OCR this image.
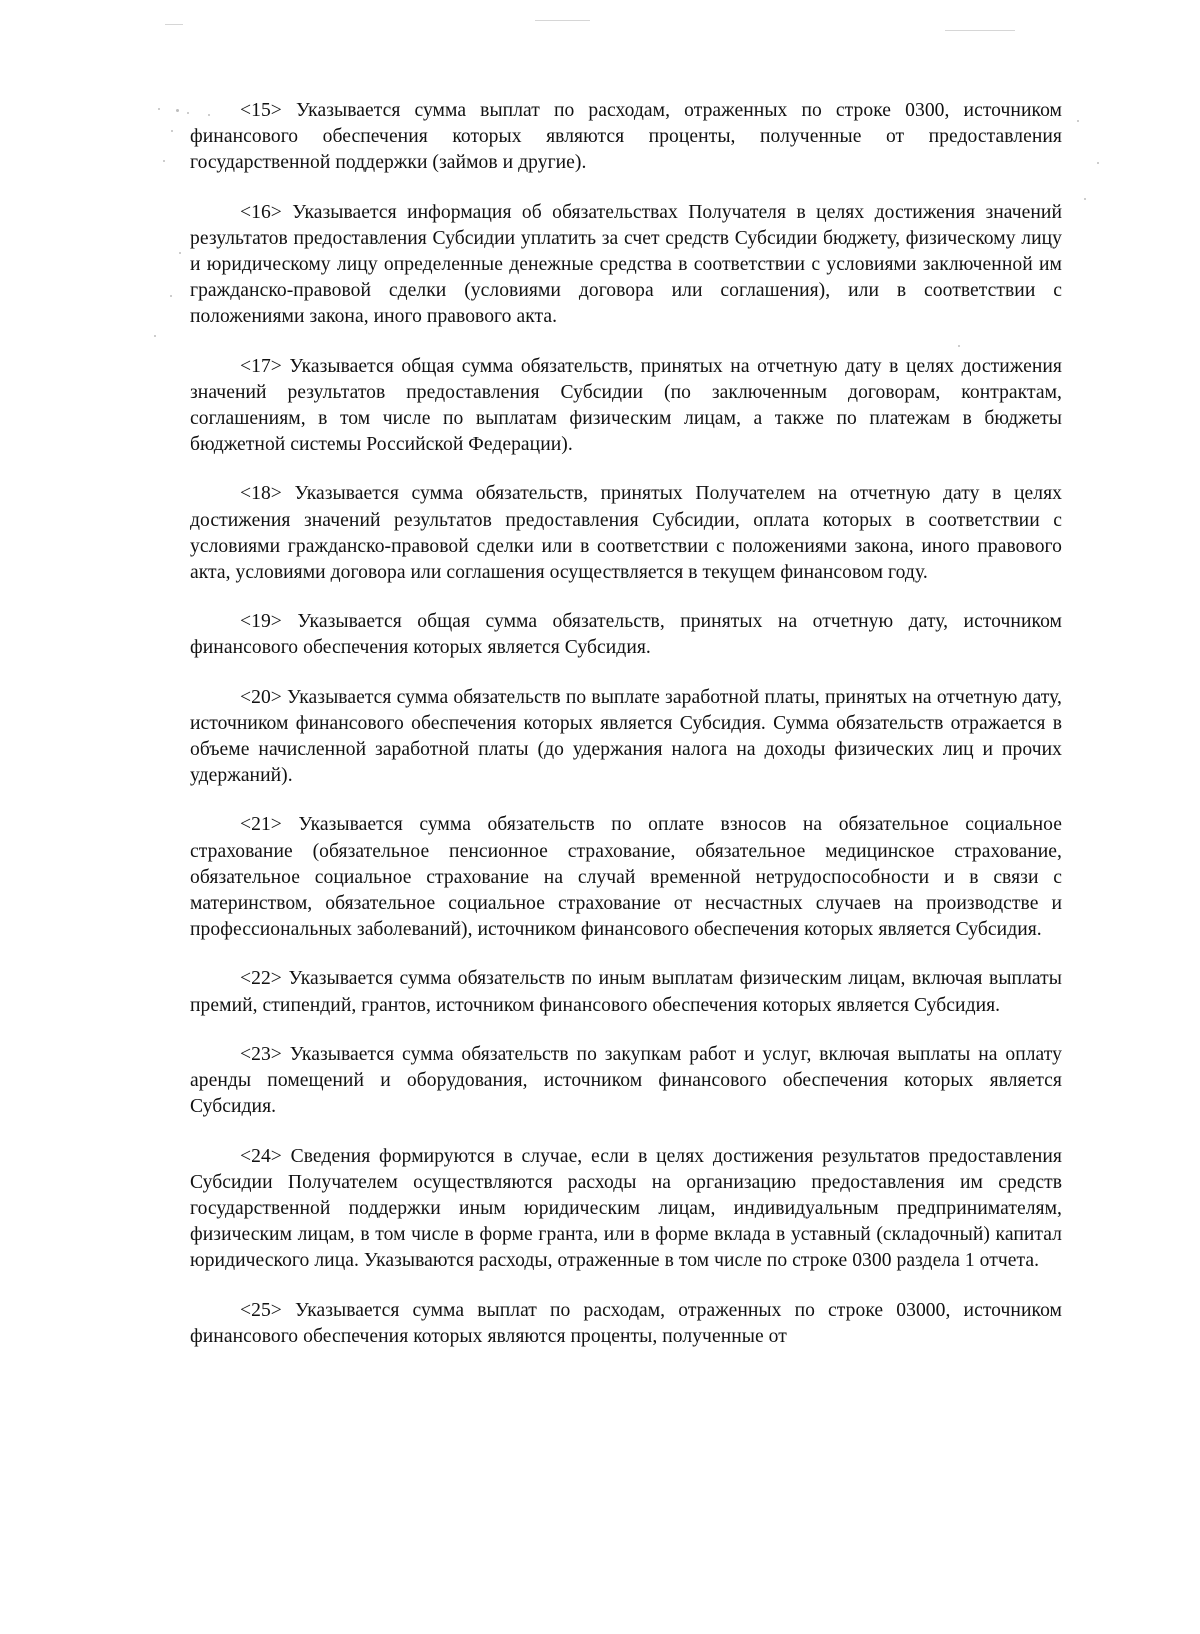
<15> Указывается сумма выплат по расходам, отраженных по строке 0300, источником финансового обеспечения которых являются проценты, полученные от предоставления государственной поддержки (займов и другие).

<16> Указывается информация об обязательствах Получателя в целях достижения значений результатов предоставления Субсидии уплатить за счет средств Субсидии бюджету, физическому лицу и юридическому лицу определенные денежные средства в соответствии с условиями заключенной им гражданско-правовой сделки (условиями договора или соглашения), или в соответствии с положениями закона, иного правового акта.

<17> Указывается общая сумма обязательств, принятых на отчетную дату в целях достижения значений результатов предоставления Субсидии (по заключенным договорам, контрактам, соглашениям, в том числе по выплатам физическим лицам, а также по платежам в бюджеты бюджетной системы Российской Федерации).

<18> Указывается сумма обязательств, принятых Получателем на отчетную дату в целях достижения значений результатов предоставления Субсидии, оплата которых в соответствии с условиями гражданско-правовой сделки или в соответствии с положениями закона, иного правового акта, условиями договора или соглашения осуществляется в текущем финансовом году.

<19> Указывается общая сумма обязательств, принятых на отчетную дату, источником финансового обеспечения которых является Субсидия.

<20> Указывается сумма обязательств по выплате заработной платы, принятых на отчетную дату, источником финансового обеспечения которых является Субсидия. Сумма обязательств отражается в объеме начисленной заработной платы (до удержания налога на доходы физических лиц и прочих удержаний).

<21> Указывается сумма обязательств по оплате взносов на обязательное социальное страхование (обязательное пенсионное страхование, обязательное медицинское страхование, обязательное социальное страхование на случай временной нетрудоспособности и в связи с материнством, обязательное социальное страхование от несчастных случаев на производстве и профессиональных заболеваний), источником финансового обеспечения которых является Субсидия.

<22> Указывается сумма обязательств по иным выплатам физическим лицам, включая выплаты премий, стипендий, грантов, источником финансового обеспечения которых является Субсидия.

<23> Указывается сумма обязательств по закупкам работ и услуг, включая выплаты на оплату аренды помещений и оборудования, источником финансового обеспечения которых является Субсидия.

<24> Сведения формируются в случае, если в целях достижения результатов предоставления Субсидии Получателем осуществляются расходы на организацию предоставления им средств государственной поддержки иным юридическим лицам, индивидуальным предпринимателям, физическим лицам, в том числе в форме гранта, или в форме вклада в уставный (складочный) капитал юридического лица. Указываются расходы, отраженные в том числе по строке 0300 раздела 1 отчета.

<25> Указывается сумма выплат по расходам, отраженных по строке 03000, источником финансового обеспечения которых являются проценты, полученные от
